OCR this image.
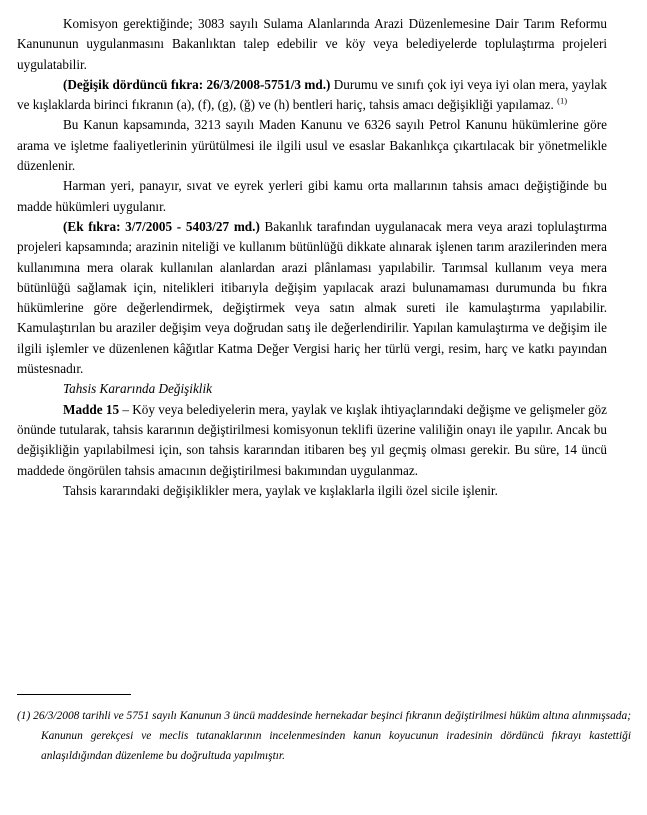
Komisyon gerektiğinde; 3083 sayılı Sulama Alanlarında Arazi Düzenlemesine Dair Tarım Reformu Kanununun uygulanmasını Bakanlıktan talep edebilir ve köy veya belediyelerde toplulaştırma projeleri uygulatabilir.

(Değişik dördüncü fıkra: 26/3/2008-5751/3 md.) Durumu ve sınıfı çok iyi veya iyi olan mera, yaylak ve kışlaklarda birinci fıkranın (a), (f), (g), (ğ) ve (h) bentleri hariç, tahsis amacı değişikliği yapılamaz. $^{(1)}$

Bu Kanun kapsamında, 3213 sayılı Maden Kanunu ve 6326 sayılı Petrol Kanunu hükümlerine göre arama ve işletme faaliyetlerinin yürütülmesi ile ilgili usul ve esaslar Bakanlıkça çıkartılacak bir yönetmelikle düzenlenir.

Harman yeri, panayır, sıvat ve eyrek yerleri gibi kamu orta mallarının tahsis amacı değiştiğinde bu madde hükümleri uygulanır.

(Ek fıkra: 3/7/2005 - 5403/27 md.) Bakanlık tarafından uygulanacak mera veya arazi toplulaştırma projeleri kapsamında; arazinin niteliği ve kullanım bütünlüğü dikkate alınarak işlenen tarım arazilerinden mera kullanımına mera olarak kullanılan alanlardan arazi plânlaması yapılabilir. Tarımsal kullanım veya mera bütünlüğü sağlamak için, nitelikleri itibarıyla değişim yapılacak arazi bulunamaması durumunda bu fıkra hükümlerine göre değerlendirmek, değiştirmek veya satın almak sureti ile kamulaştırma yapılabilir. Kamulaştırılan bu araziler değişim veya doğrudan satış ile değerlendirilir. Yapılan kamulaştırma ve değişim ile ilgili işlemler ve düzenlenen kâğıtlar Katma Değer Vergisi hariç her türlü vergi, resim, harç ve katkı payından müstesnadır.

Tahsis Kararında Değişiklik

Madde 15 – Köy veya belediyelerin mera, yaylak ve kışlak ihtiyaçlarındaki değişme ve gelişmeler göz önünde tutularak, tahsis kararının değiştirilmesi komisyonun teklifi üzerine valiliğin onayı ile yapılır. Ancak bu değişikliğin yapılabilmesi için, son tahsis kararından itibaren beş yıl geçmiş olması gerekir. Bu süre, 14 üncü maddede öngörülen tahsis amacının değiştirilmesi bakımından uygulanmaz.

Tahsis kararındaki değişiklikler mera, yaylak ve kışlaklarla ilgili özel sicile işlenir.

(1) 26/3/2008 tarihli ve 5751 sayılı Kanunun 3 üncü maddesinde hernekadar beşinci fıkranın değiştirilmesi hüküm altına alınmışsada; Kanunun gerekçesi ve meclis tutanaklarının incelenmesinden kanun koyucunun iradesinin dördüncü fıkrayı kastettiği anlaşıldığından düzenleme bu doğrultuda yapılmıştır.
